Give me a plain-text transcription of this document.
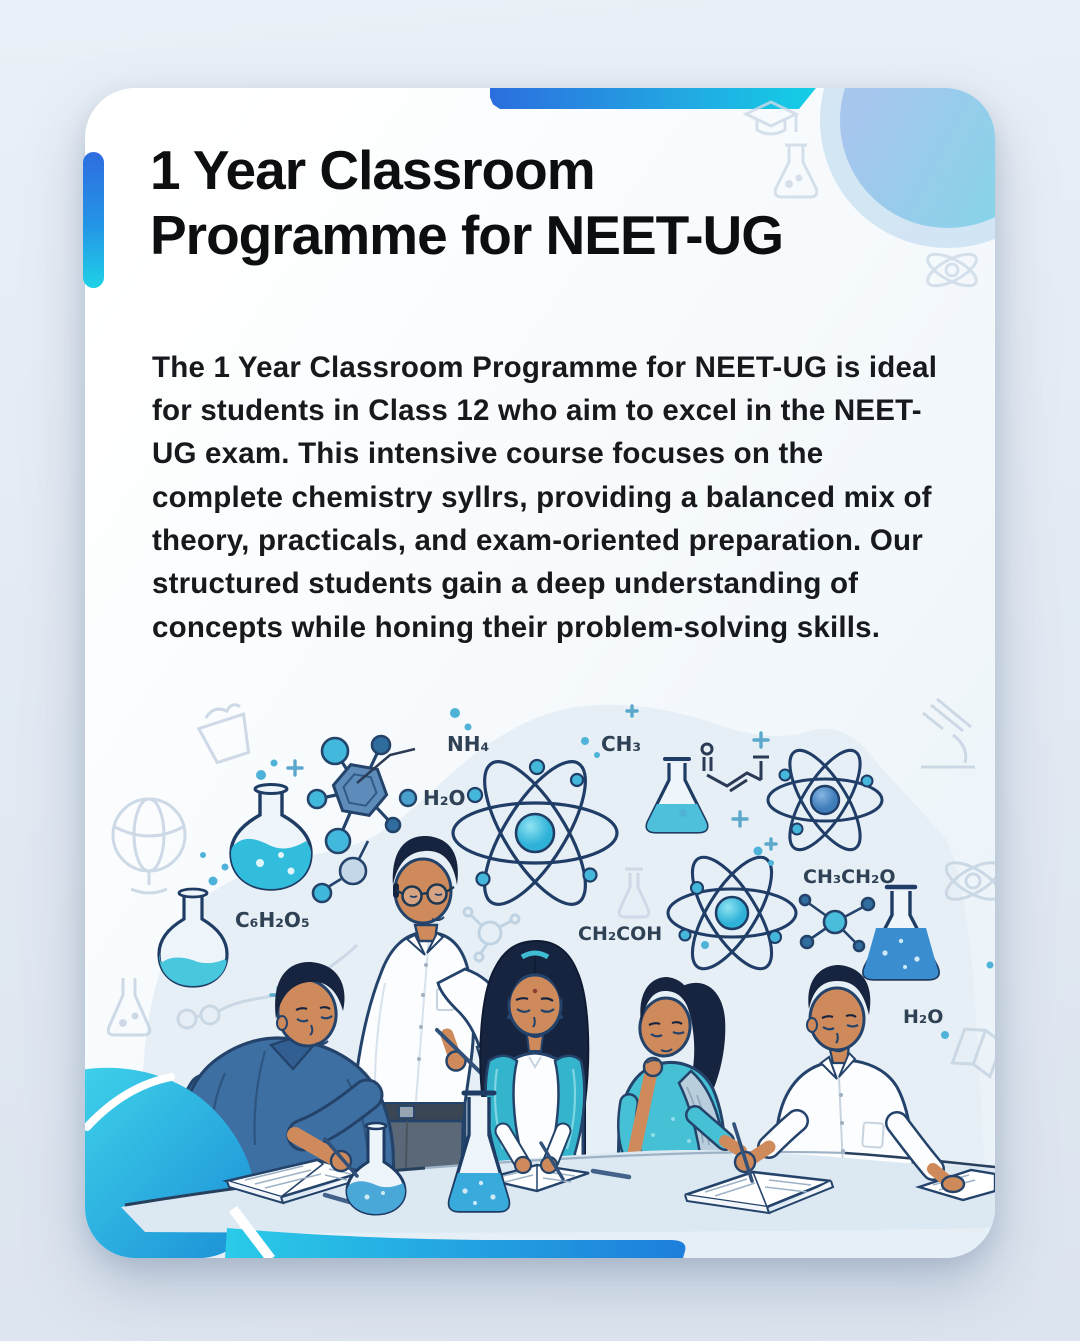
1 Year Classroom
Programme for NEET-UG

The 1 Year Classroom Programme for NEET-UG is ideal for students in Class 12 who aim to excel in the NEET-UG exam. This intensive course focuses on the complete chemistry syllrs, providing a balanced mix of theory, practicals, and exam-oriented preparation. Our structured students gain a deep understanding of concepts while honing their problem-solving skills.

NH₄
H₂O
CH₃
C₆H₂O₅
CH₂COH
CH₃CH₂O
H₂O
